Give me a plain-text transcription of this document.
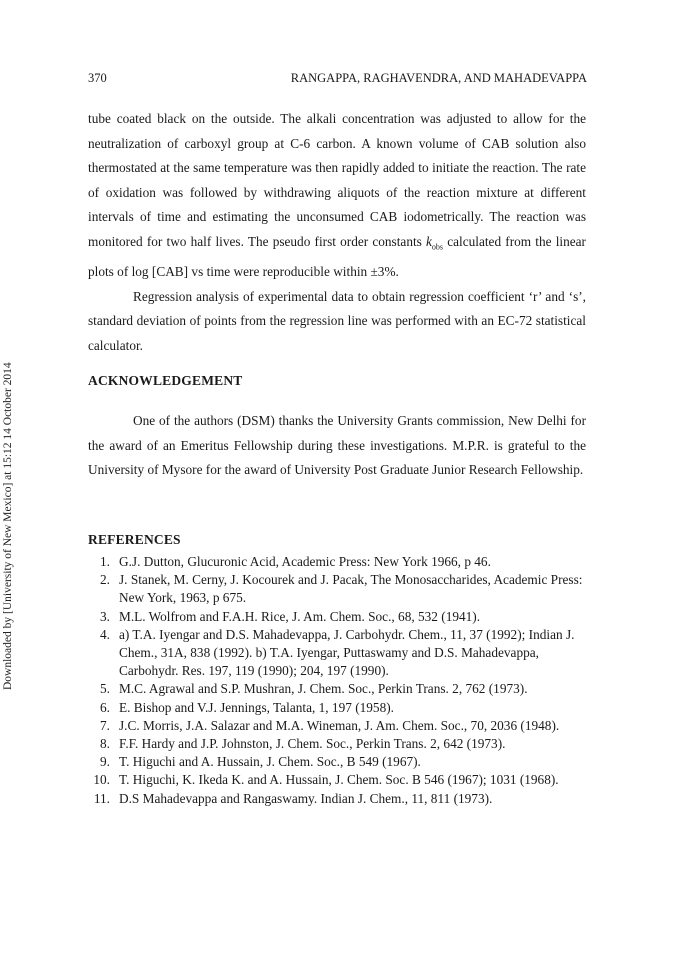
Downloaded by [University of New Mexico] at 15:12 14 October 2014
370	RANGAPPA, RAGHAVENDRA, AND MAHADEVAPPA

tube coated black on the outside. The alkali concentration was adjusted to allow for the neutralization of carboxyl group at C-6 carbon. A known volume of CAB solution also thermostated at the same temperature was then rapidly added to initiate the reaction. The rate of oxidation was followed by withdrawing aliquots of the reaction mixture at different intervals of time and estimating the unconsumed CAB iodometrically. The reaction was monitored for two half lives. The pseudo first order constants $k_{obs}$ calculated from the linear plots of log [CAB] vs time were reproducible within ±3%.

Regression analysis of experimental data to obtain regression coefficient ‘r’ and ‘s’, standard deviation of points from the regression line was performed with an EC-72 statistical calculator.

ACKNOWLEDGEMENT

One of the authors (DSM) thanks the University Grants commission, New Delhi for the award of an Emeritus Fellowship during these investigations. M.P.R. is grateful to the University of Mysore for the award of University Post Graduate Junior Research Fellowship.

REFERENCES
1. G.J. Dutton, Glucuronic Acid, Academic Press: New York 1966, p 46.
2. J. Stanek, M. Cerny, J. Kocourek and J. Pacak, The Monosaccharides, Academic Press: New York, 1963, p 675.
3. M.L. Wolfrom and F.A.H. Rice, J. Am. Chem. Soc., 68, 532 (1941).
4. a) T.A. Iyengar and D.S. Mahadevappa, J. Carbohydr. Chem., 11, 37 (1992); Indian J. Chem., 31A, 838 (1992). b) T.A. Iyengar, Puttaswamy and D.S. Mahadevappa, Carbohydr. Res. 197, 119 (1990); 204, 197 (1990).
5. M.C. Agrawal and S.P. Mushran, J. Chem. Soc., Perkin Trans. 2, 762 (1973).
6. E. Bishop and V.J. Jennings, Talanta, 1, 197 (1958).
7. J.C. Morris, J.A. Salazar and M.A. Wineman, J. Am. Chem. Soc., 70, 2036 (1948).
8. F.F. Hardy and J.P. Johnston, J. Chem. Soc., Perkin Trans. 2, 642 (1973).
9. T. Higuchi and A. Hussain, J. Chem. Soc., B 549 (1967).
10. T. Higuchi, K. Ikeda K. and A. Hussain, J. Chem. Soc. B 546 (1967); 1031 (1968).
11. D.S Mahadevappa and Rangaswamy. Indian J. Chem., 11, 811 (1973).
